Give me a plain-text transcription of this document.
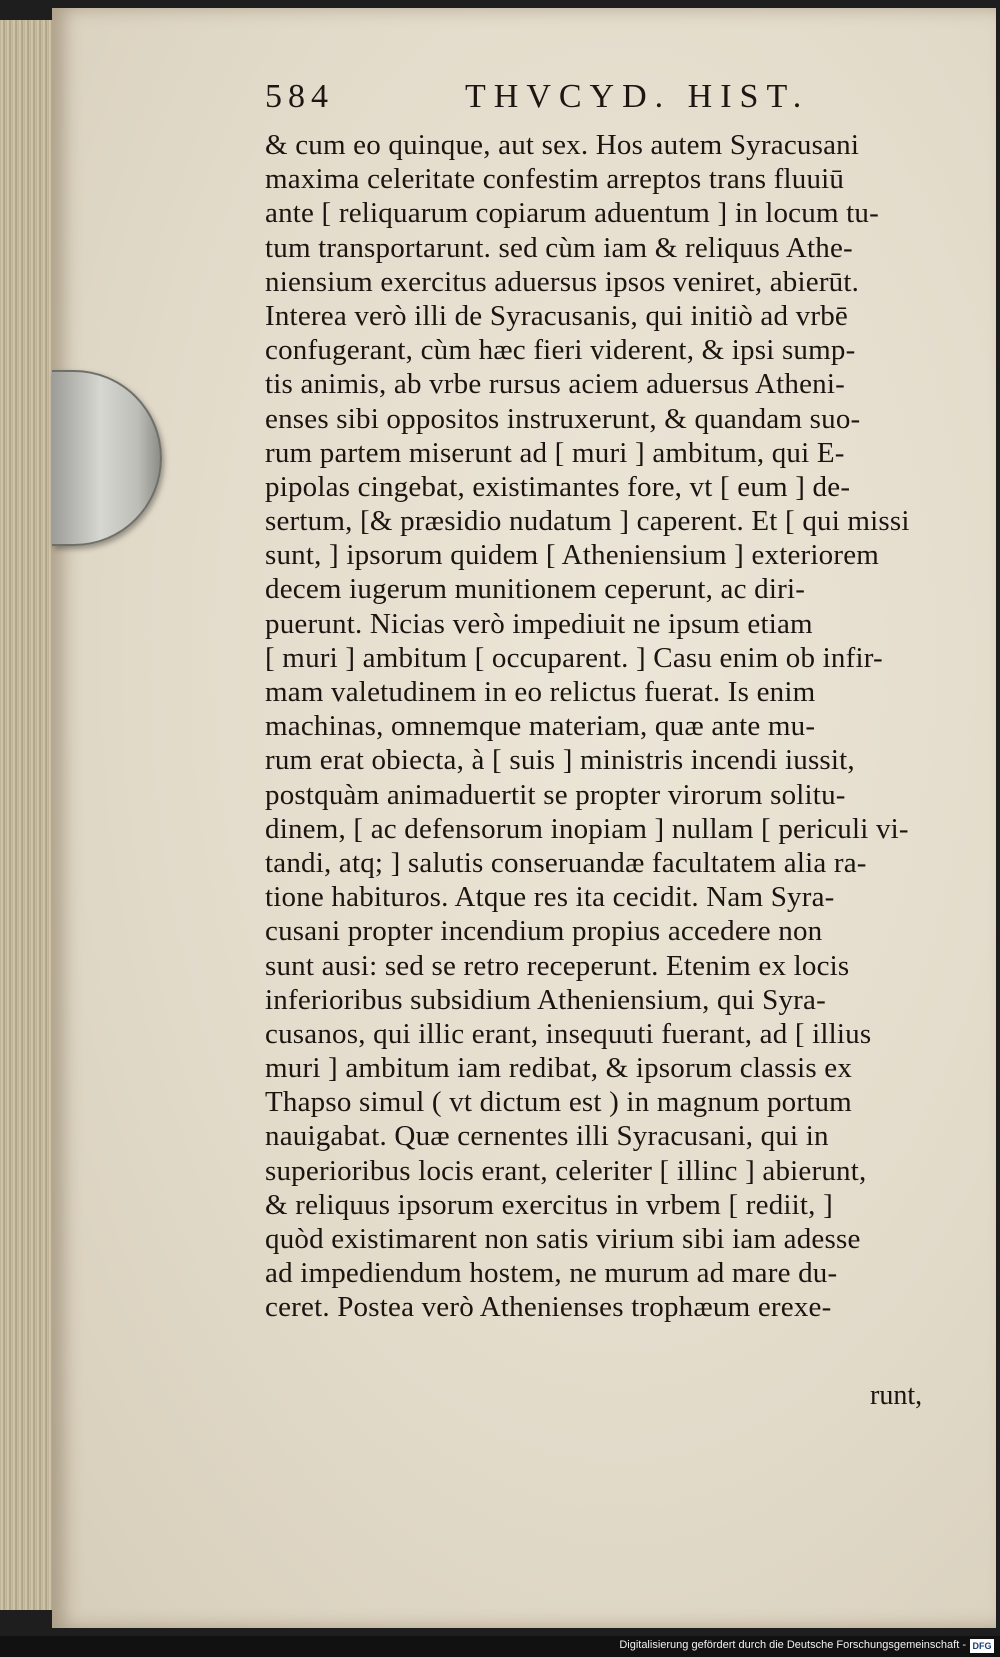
584	THVCYD. HIST.
& cum eo quinque, aut sex. Hos autem Syracusani
maxima celeritate confestim arreptos trans fluuiū
ante [ reliquarum copiarum aduentum ] in locum tu-
tum transportarunt. sed cùm iam & reliquus Athe-
niensium exercitus aduersus ipsos veniret, abierūt.
Interea verò illi de Syracusanis, qui initiò ad vrbē
confugerant, cùm hæc fieri viderent, & ipsi sump-
tis animis, ab vrbe rursus aciem aduersus Atheni-
enses sibi oppositos instruxerunt, & quandam suo-
rum partem miserunt ad [ muri ] ambitum, qui E-
pipolas cingebat, existimantes fore, vt [ eum ] de-
sertum, [& præsidio nudatum ] caperent. Et [ qui missi
sunt, ] ipsorum quidem [ Atheniensium ] exteriorem
decem iugerum munitionem ceperunt, ac diri-
puerunt. Nicias verò impediuit ne ipsum etiam
[ muri ] ambitum [ occuparent. ] Casu enim ob infir-
mam valetudinem in eo relictus fuerat. Is enim
machinas, omnemque materiam, quæ ante mu-
rum erat obiecta, à [ suis ] ministris incendi iussit,
postquàm animaduertit se propter virorum solitu-
dinem, [ ac defensorum inopiam ] nullam [ periculi vi-
tandi, atq; ] salutis conseruandæ facultatem alia ra-
tione habituros. Atque res ita cecidit. Nam Syra-
cusani propter incendium propius accedere non
sunt ausi: sed se retro receperunt. Etenim ex locis
inferioribus subsidium Atheniensium, qui Syra-
cusanos, qui illic erant, insequuti fuerant, ad [ illius
muri ] ambitum iam redibat, & ipsorum classis ex
Thapso simul ( vt dictum est ) in magnum portum
nauigabat. Quæ cernentes illi Syracusani, qui in
superioribus locis erant, celeriter [ illinc ] abierunt,
& reliquus ipsorum exercitus in vrbem [ rediit, ]
quòd existimarent non satis virium sibi iam adesse
ad impediendum hostem, ne murum ad mare du-
ceret. Postea verò Athenienses trophæum erexe-
runt,
Digitalisierung gefördert durch die Deutsche Forschungsgemeinschaft - DFG
